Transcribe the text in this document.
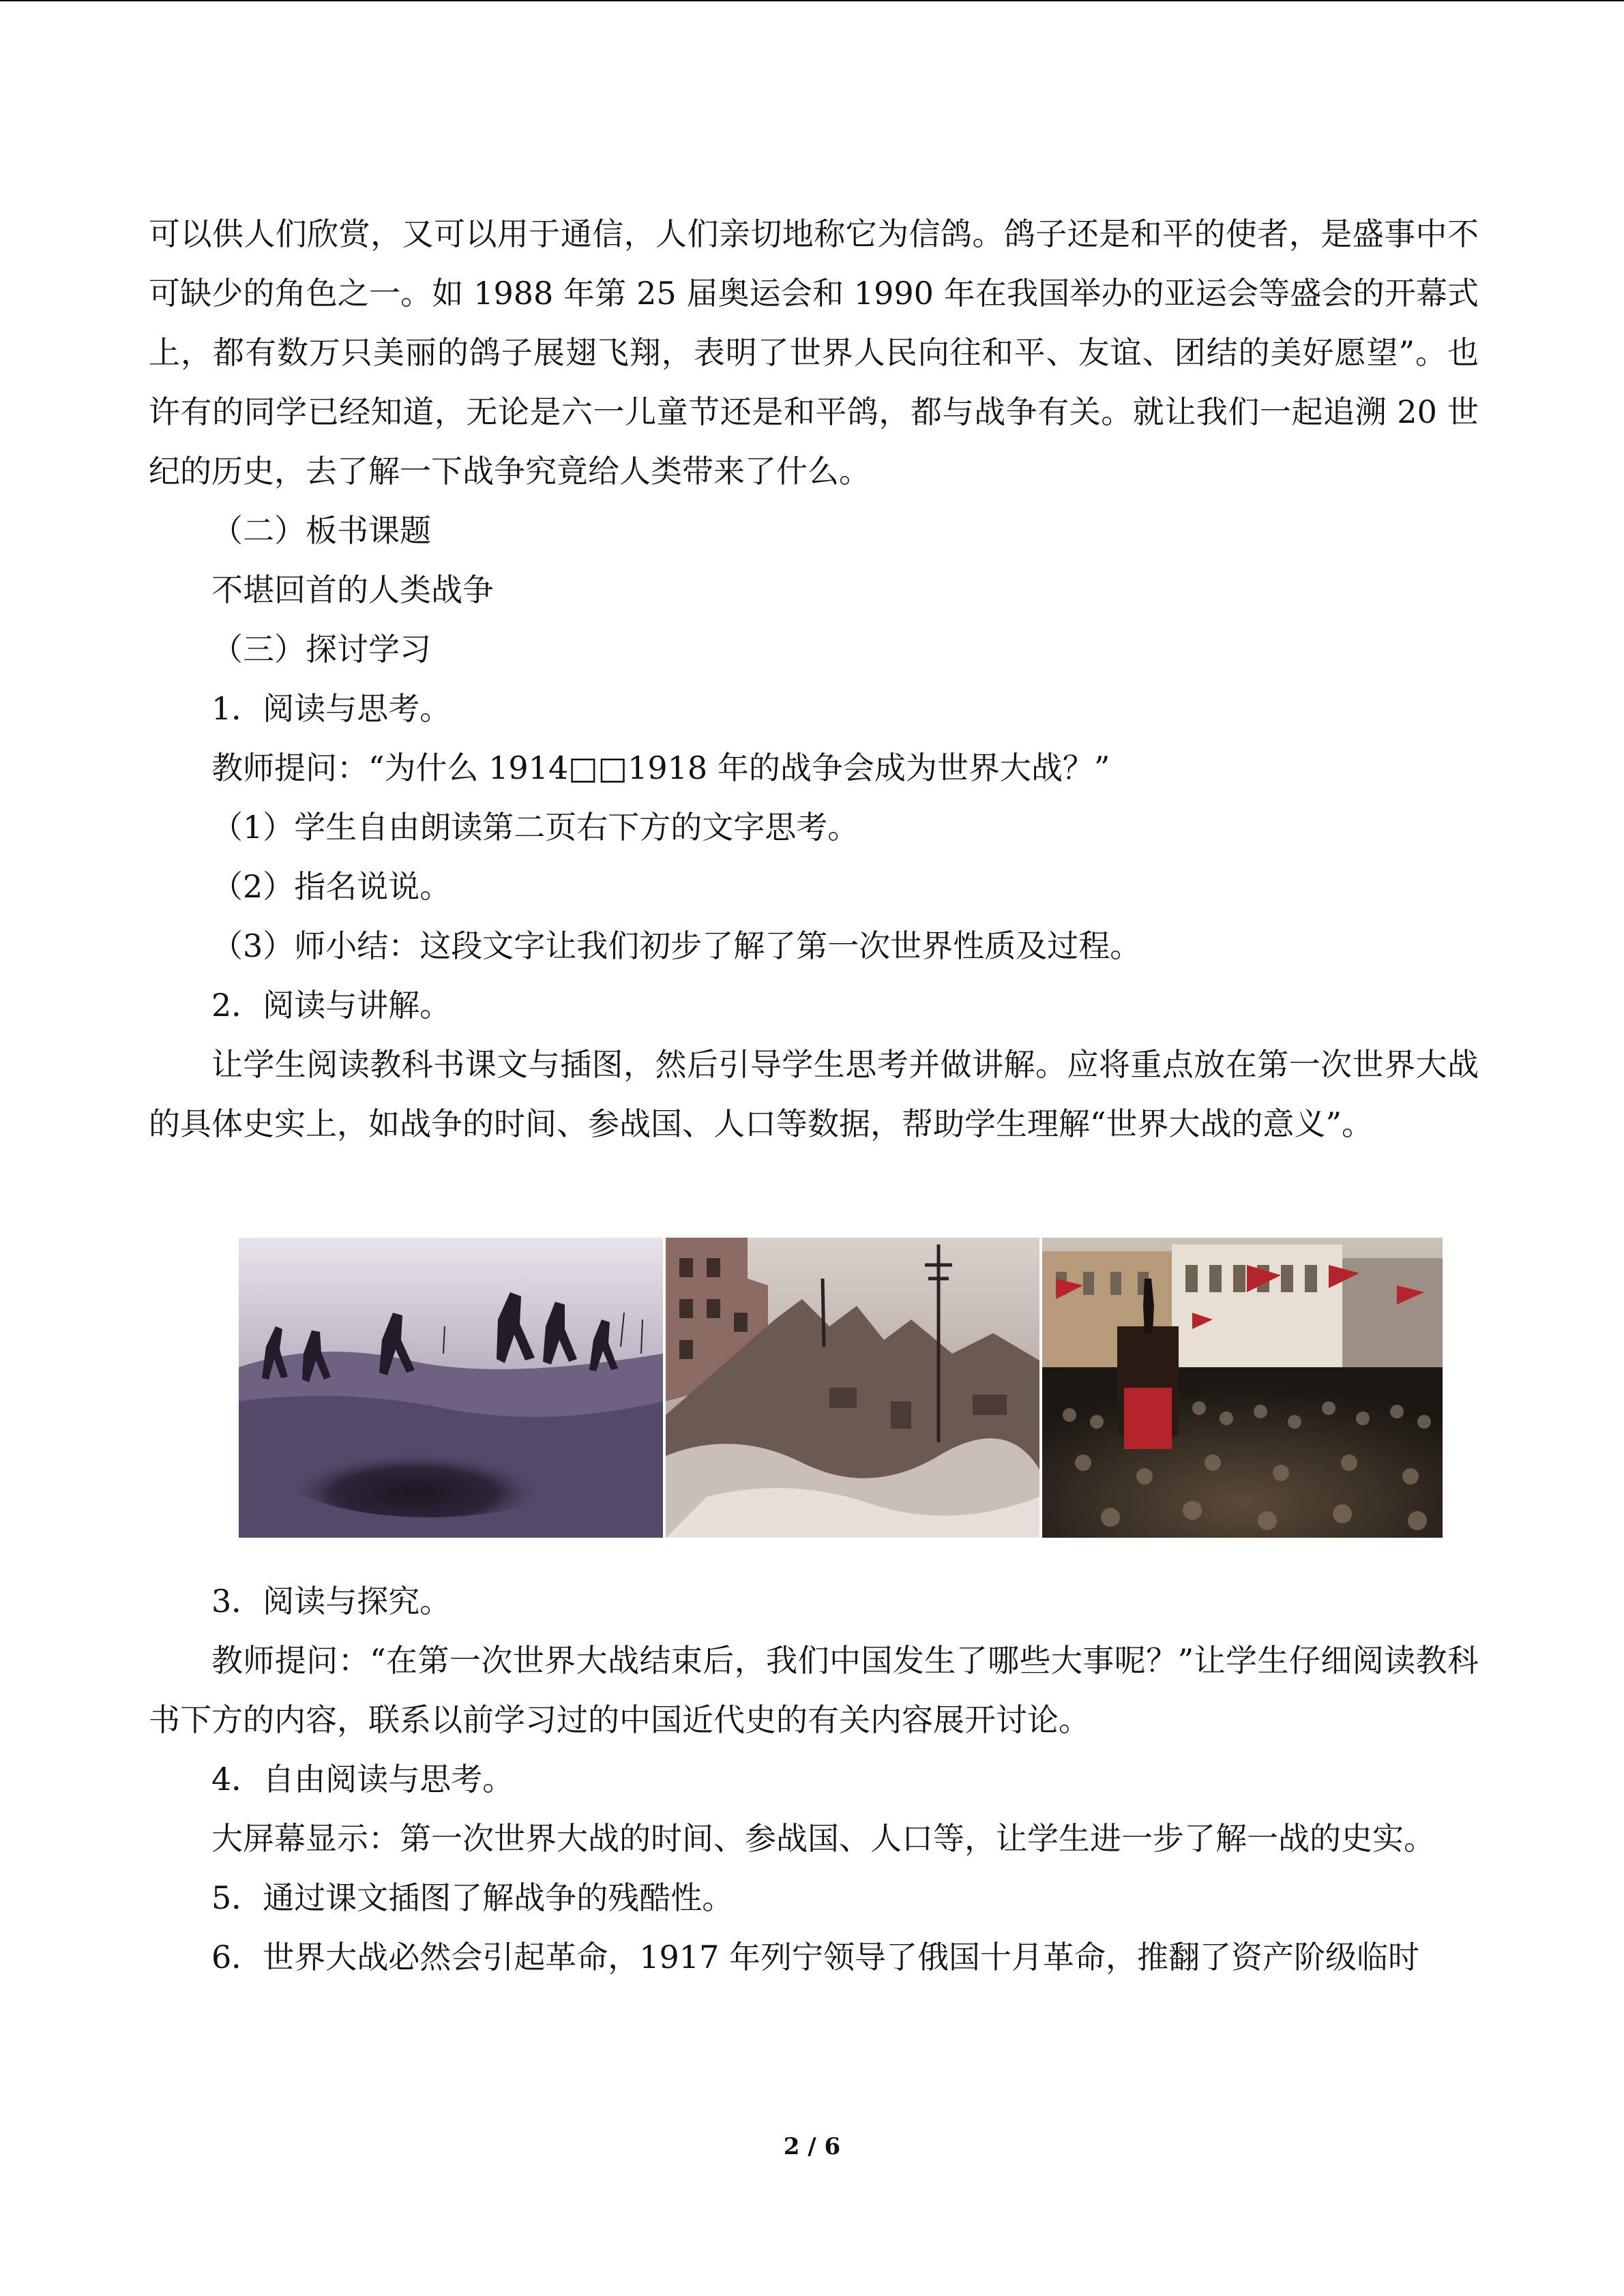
可以供人们欣赏，又可以用于通信，人们亲切地称它为信鸽。鸽子还是和平的使者，是盛事中不可缺少的角色之一。如 1988 年第 25 届奥运会和 1990 年在我国举办的亚运会等盛会的开幕式上，都有数万只美丽的鸽子展翅飞翔，表明了世界人民向往和平、友谊、团结的美好愿望”。也许有的同学已经知道，无论是六一儿童节还是和平鸽，都与战争有关。就让我们一起追溯 20 世纪的历史，去了解一下战争究竟给人类带来了什么。

（二）板书课题

不堪回首的人类战争

（三）探讨学习

1．阅读与思考。

教师提问：“为什么 1914□□1918 年的战争会成为世界大战？”

（1）学生自由朗读第二页右下方的文字思考。

（2）指名说说。

（3）师小结：这段文字让我们初步了解了第一次世界性质及过程。

2．阅读与讲解。

让学生阅读教科书课文与插图，然后引导学生思考并做讲解。应将重点放在第一次世界大战的具体史实上，如战争的时间、参战国、人口等数据，帮助学生理解“世界大战的意义”。

3．阅读与探究。

教师提问：“在第一次世界大战结束后，我们中国发生了哪些大事呢？”让学生仔细阅读教科书下方的内容，联系以前学习过的中国近代史的有关内容展开讨论。

4．自由阅读与思考。

大屏幕显示：第一次世界大战的时间、参战国、人口等，让学生进一步了解一战的史实。

5．通过课文插图了解战争的残酷性。

6．世界大战必然会引起革命，1917 年列宁领导了俄国十月革命，推翻了资产阶级临时

2 / 6
